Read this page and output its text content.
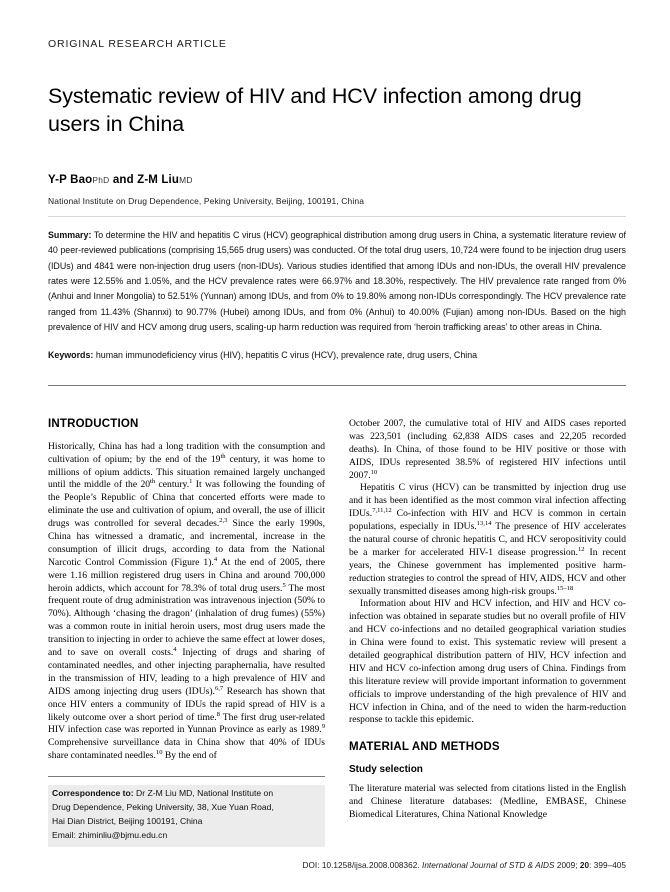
ORIGINAL RESEARCH ARTICLE
Systematic review of HIV and HCV infection among drug users in China
Y-P BaoPhD and Z-M LiuMD
National Institute on Drug Dependence, Peking University, Beijing, 100191, China
Summary: To determine the HIV and hepatitis C virus (HCV) geographical distribution among drug users in China, a systematic literature review of 40 peer-reviewed publications (comprising 15,565 drug users) was conducted. Of the total drug users, 10,724 were found to be injection drug users (IDUs) and 4841 were non-injection drug users (non-IDUs). Various studies identified that among IDUs and non-IDUs, the overall HIV prevalence rates were 12.55% and 1.05%, and the HCV prevalence rates were 66.97% and 18.30%, respectively. The HIV prevalence rate ranged from 0% (Anhui and Inner Mongolia) to 52.51% (Yunnan) among IDUs, and from 0% to 19.80% among non-IDUs correspondingly. The HCV prevalence rate ranged from 11.43% (Shannxi) to 90.77% (Hubei) among IDUs, and from 0% (Anhui) to 40.00% (Fujian) among non-IDUs. Based on the high prevalence of HIV and HCV among drug users, scaling-up harm reduction was required from ‘heroin trafficking areas’ to other areas in China.
Keywords: human immunodeficiency virus (HIV), hepatitis C virus (HCV), prevalence rate, drug users, China
INTRODUCTION

Historically, China has had a long tradition with the consumption and cultivation of opium; by the end of the 19th century, it was home to millions of opium addicts. This situation remained largely unchanged until the middle of the 20th century.$^1$ It was following the founding of the People’s Republic of China that concerted efforts were made to eliminate the use and cultivation of opium, and overall, the use of illicit drugs was controlled for several decades.$^{2,3}$ Since the early 1990s, China has witnessed a dramatic, and incremental, increase in the consumption of illicit drugs, according to data from the National Narcotic Control Commission (Figure 1).$^4$ At the end of 2005, there were 1.16 million registered drug users in China and around 700,000 heroin addicts, which account for 78.3% of total drug users.$^5$ The most frequent route of drug administration was intravenous injection (50% to 70%). Although ‘chasing the dragon’ (inhalation of drug fumes) (55%) was a common route in initial heroin users, most drug users made the transition to injecting in order to achieve the same effect at lower doses, and to save on overall costs.$^4$ Injecting of drugs and sharing of contaminated needles, and other injecting paraphernalia, have resulted in the transmission of HIV, leading to a high prevalence of HIV and AIDS among injecting drug users (IDUs).$^{6,7}$ Research has shown that once HIV enters a community of IDUs the rapid spread of HIV is a likely outcome over a short period of time.$^8$ The first drug user-related HIV infection case was reported in Yunnan Province as early as 1989.$^9$ Comprehensive surveillance data in China show that 40% of IDUs share contaminated needles.$^{10}$ By the end of

October 2007, the cumulative total of HIV and AIDS cases reported was 223,501 (including 62,838 AIDS cases and 22,205 recorded deaths). In China, of those found to be HIV positive or those with AIDS, IDUs represented 38.5% of registered HIV infections until 2007.10

Hepatitis C virus (HCV) can be transmitted by injection drug use and it has been identified as the most common viral infection affecting IDUs.$^{7,11,12}$ Co-infection with HIV and HCV is common in certain populations, especially in IDUs.$^{13,14}$ The presence of HIV accelerates the natural course of chronic hepatitis C, and HCV seropositivity could be a marker for accelerated HIV-1 disease progression.$^{12}$ In recent years, the Chinese government has implemented positive harm-reduction strategies to control the spread of HIV, AIDS, HCV and other sexually transmitted diseases among high-risk groups.$^{15-18}$

Information about HIV and HCV infection, and HIV and HCV co-infection was obtained in separate studies but no overall profile of HIV and HCV co-infections and no detailed geographical variation studies in China were found to exist. This systematic review will present a detailed geographical distribution pattern of HIV, HCV infection and HIV and HCV co-infection among drug users of China. Findings from this literature review will provide important information to government officials to improve understanding of the high prevalence of HIV and HCV infection in China, and of the need to widen the harm-reduction response to tackle this epidemic.

MATERIAL AND METHODS
Study selection

The literature material was selected from citations listed in the English and Chinese literature databases: (Medline, EMBASE, Chinese Biomedical Literatures, China National Knowledge

Correspondence to: Dr Z-M Liu MD, National Institute on
Drug Dependence, Peking University, 38, Xue Yuan Road,
Hai Dian District, Beijing 100191, China
Email: zhiminliu@bjmu.edu.cn
DOI: 10.1258/ijsa.2008.008362. International Journal of STD & AIDS 2009; 20: 399–405
